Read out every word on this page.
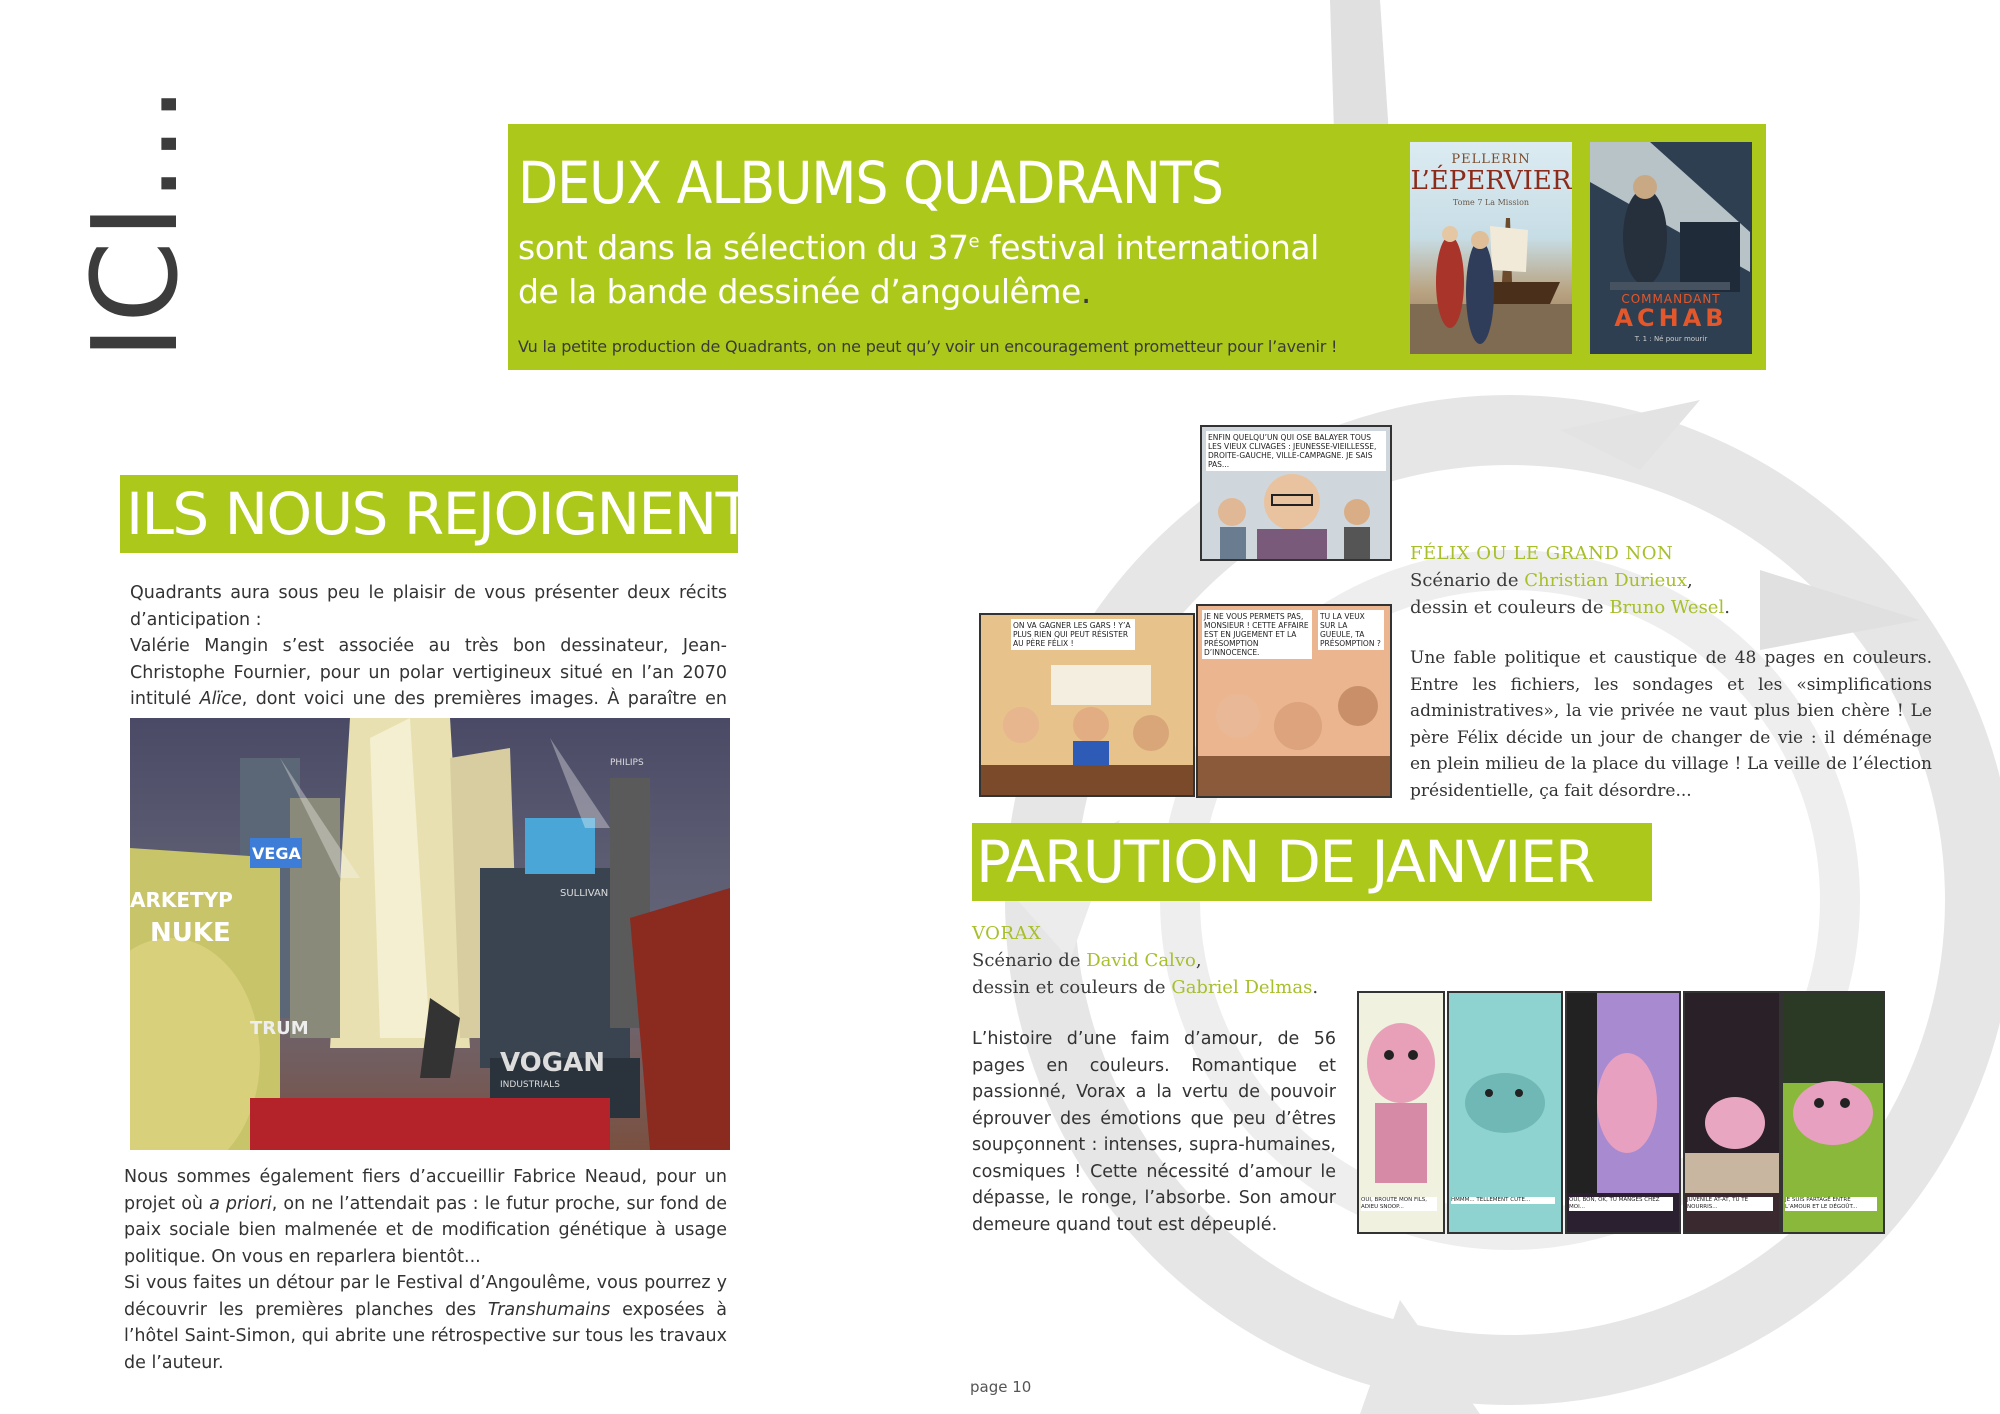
ICI...	DEUX ALBUMS QUADRANTS
sont dans la sélection du 37e festival international
de la bande dessinée d’angoulême.
Vu la petite production de Quadrants, on ne peut qu’y voir un encouragement prometteur pour l’avenir !
PELLERIN
L’ÉPERVIER
Tome 7 La Mission
COMMANDANT
ACHAB
T. 1 : Né pour mourir
ILS NOUS REJOIGNENT
Quadrants aura sous peu le plaisir de vous présenter deux récits d’anticipation :
Valérie Mangin s’est associée au très bon dessinateur, Jean-Christophe Fournier, pour un polar vertigineux situé en l’an 2070 intitulé Alïce, dont voici une des premières images. À paraître en
VEGA
ARKETYP
NUKE
TRUM
VOGAN
INDUSTRIALS
PHILIPS
SULLIVAN
Nous sommes également fiers d’accueillir Fabrice Neaud, pour un projet où a priori, on ne l’attendait pas : le futur proche, sur fond de paix sociale bien malmenée et de modification génétique à usage politique. On vous en reparlera bientôt...
Si vous faites un détour par le Festival d’Angoulême, vous pourrez y découvrir les premières planches des Transhumains exposées à l’hôtel Saint-Simon, qui abrite une rétrospective sur tous les travaux de l’auteur.
ENFIN QUELQU’UN QUI OSE BALAYER TOUS LES VIEUX CLIVAGES : JEUNESSE-VIEILLESSE, DROITE-GAUCHE, VILLE-CAMPAGNE. JE SAIS PAS...
ON VA GAGNER LES GARS ! Y’A PLUS RIEN QUI PEUT RÉSISTER AU PÈRE FÉLIX !
JE NE VOUS PERMETS PAS, MONSIEUR ! CETTE AFFAIRE EST EN JUGEMENT ET LA PRÉSOMPTION D’INNOCENCE.
TU LA VEUX SUR LA GUEULE, TA PRÉSOMPTION ?
FÉLIX OU LE GRAND NON
Scénario de Christian Durieux,
dessin et couleurs de Bruno Wesel.
Une fable politique et caustique de 48 pages en couleurs. Entre les fichiers, les sondages et les «simplifications administratives», la vie privée ne vaut plus bien chère ! Le père Félix décide un jour de changer de vie : il déménage en plein milieu de la place du village ! La veille de l’élection présidentielle, ça fait désordre...
PARUTION DE JANVIER
VORAX
Scénario de David Calvo,
dessin et couleurs de Gabriel Delmas.
L’histoire d’une faim d’amour, de 56 pages en couleurs. Romantique et passionné, Vorax a la vertu de pouvoir éprouver des émotions que peu d’êtres soupçonnent : intenses, supra-humaines, cosmiques ! Cette nécessité d’amour le dépasse, le ronge, l’absorbe. Son amour demeure quand tout est dépeuplé.
OUI, BROUTE MON FILS, ADIEU SNOOP...
HMMM... TELLEMENT CUTE...	OUI, BON, OK, TU MANGES CHEZ MOI...
JUVENILE AT-AT, TU TE NOURRIS...
JE SUIS PARTAGÉ ENTRE L’AMOUR ET LE DÉGOÛT...
page 10
